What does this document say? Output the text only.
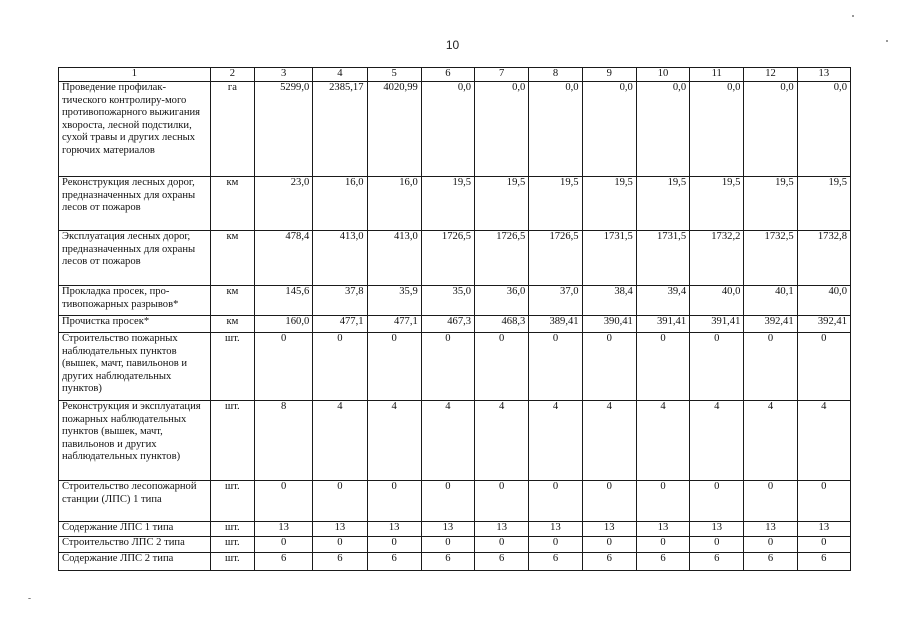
10
1	2	3	4	5	6	7	8	9	10	11	12	13
Проведение профилак-тического контролиру-мого противопожарного выжигания хворостa, лесной подстилки, сухой травы и других лесных горючих материалов	га	5299,0	2385,17	4020,99	0,0	0,0	0,0	0,0	0,0	0,0	0,0	0,0
Реконструкция лесных дорог, предназначенных для охраны лесов от пожаров	км	23,0	16,0	16,0	19,5	19,5	19,5	19,5	19,5	19,5	19,5	19,5
Эксплуатация лесных дорог, предназначенных для охраны лесов от пожаров	км	478,4	413,0	413,0	1726,5	1726,5	1726,5	1731,5	1731,5	1732,2	1732,5	1732,8
Прокладка просек, про-тивопожарных разрывов*	км	145,6	37,8	35,9	35,0	36,0	37,0	38,4	39,4	40,0	40,1	40,0
Прочистка просек*	км	160,0	477,1	477,1	467,3	468,3	389,41	390,41	391,41	391,41	392,41	392,41
Строительство пожарных наблюдательных пунктов (вышек, мачт, павильонов и других наблюдательных пунктов)	шт.	0	0	0	0	0	0	0	0	0	0	0
Реконструкция и эксплуатация пожарных наблюдательных пунктов (вышек, мачт, павильонов и других наблюдательных пунктов)	шт.	8	4	4	4	4	4	4	4	4	4	4
Строительство лесопожарной станции (ЛПС) 1 типа	шт.	0	0	0	0	0	0	0	0	0	0	0
Содержание ЛПС 1 типа	шт.	13	13	13	13	13	13	13	13	13	13	13
Строительство ЛПС 2 типа	шт.	0	0	0	0	0	0	0	0	0	0	0
Содержание ЛПС 2 типа	шт.	6	6	6	6	6	6	6	6	6	6	6
